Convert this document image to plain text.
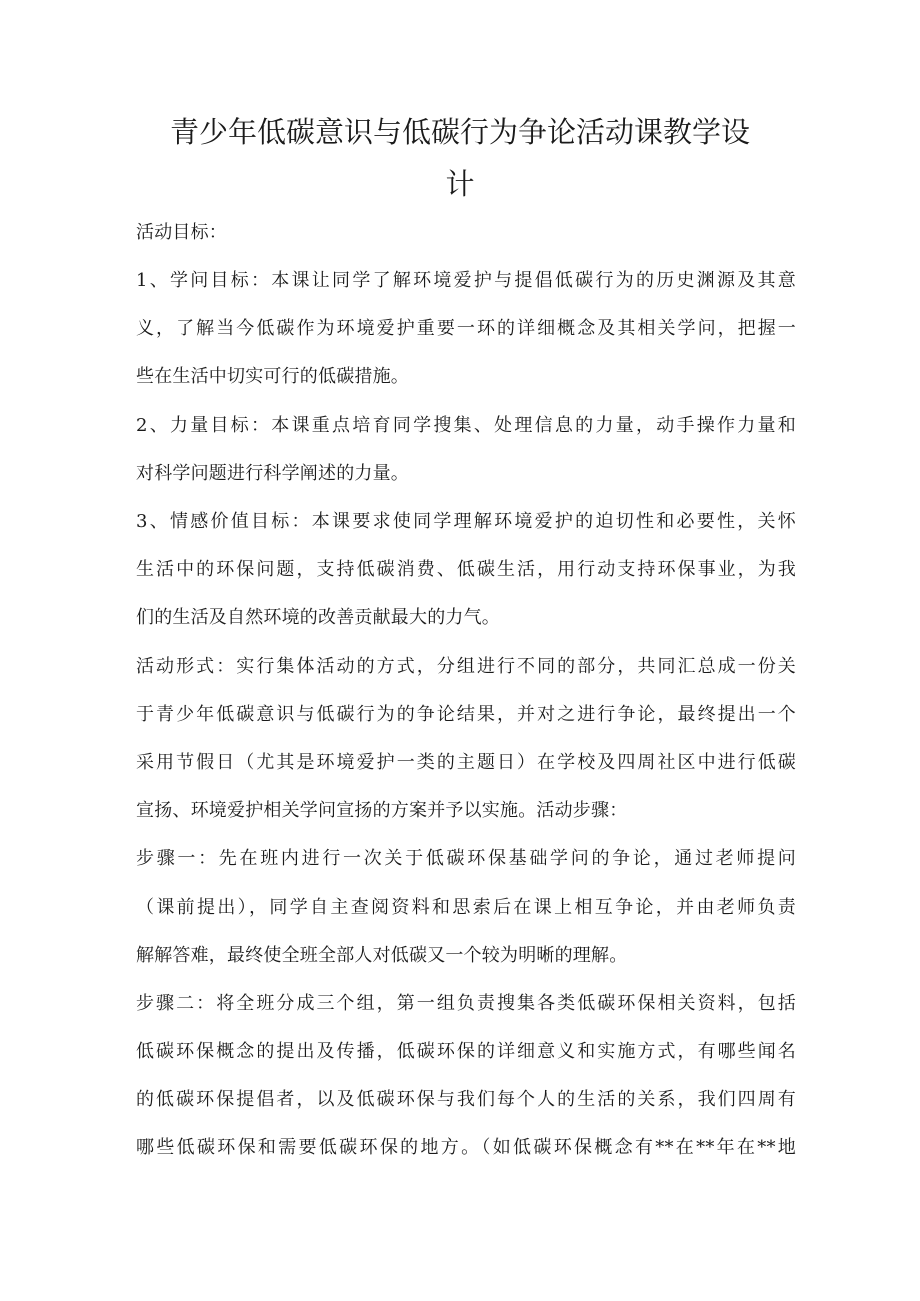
青少年低碳意识与低碳行为争论活动课教学设
计

活动目标：

1、学问目标：本课让同学了解环境爱护与提倡低碳行为的历史渊源及其意

义，了解当今低碳作为环境爱护重要一环的详细概念及其相关学问，把握一

些在生活中切实可行的低碳措施。

2、力量目标：本课重点培育同学搜集、处理信息的力量，动手操作力量和

对科学问题进行科学阐述的力量。

3、情感价值目标：本课要求使同学理解环境爱护的迫切性和必要性，关怀

生活中的环保问题，支持低碳消费、低碳生活，用行动支持环保事业，为我

们的生活及自然环境的改善贡献最大的力气。

活动形式：实行集体活动的方式，分组进行不同的部分，共同汇总成一份关

于青少年低碳意识与低碳行为的争论结果，并对之进行争论，最终提出一个

采用节假日（尤其是环境爱护一类的主题日）在学校及四周社区中进行低碳

宣扬、环境爱护相关学问宣扬的方案并予以实施。活动步骤：

步骤一：先在班内进行一次关于低碳环保基础学问的争论，通过老师提问

（课前提出），同学自主查阅资料和思索后在课上相互争论，并由老师负责

解解答难，最终使全班全部人对低碳又一个较为明晰的理解。

步骤二：将全班分成三个组，第一组负责搜集各类低碳环保相关资料，包括

低碳环保概念的提出及传播，低碳环保的详细意义和实施方式，有哪些闻名

的低碳环保提倡者，以及低碳环保与我们每个人的生活的关系，我们四周有

哪些低碳环保和需要低碳环保的地方。（如低碳环保概念有**在**年在**地
